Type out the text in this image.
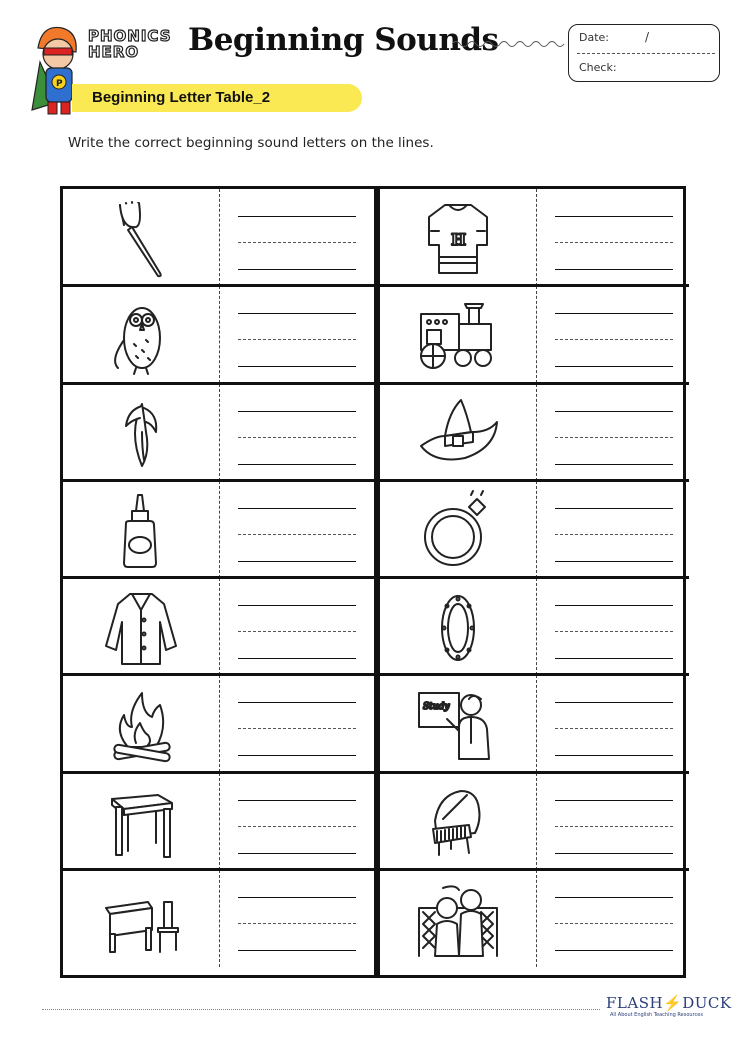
P
PHONICS
HERO	Beginning Sounds	Date:	/
Check:
Beginning Letter Table_2
Write the correct beginning sound letters on the lines.
H
Study
FLASH⚡DUCK
All About English Teaching Resources
